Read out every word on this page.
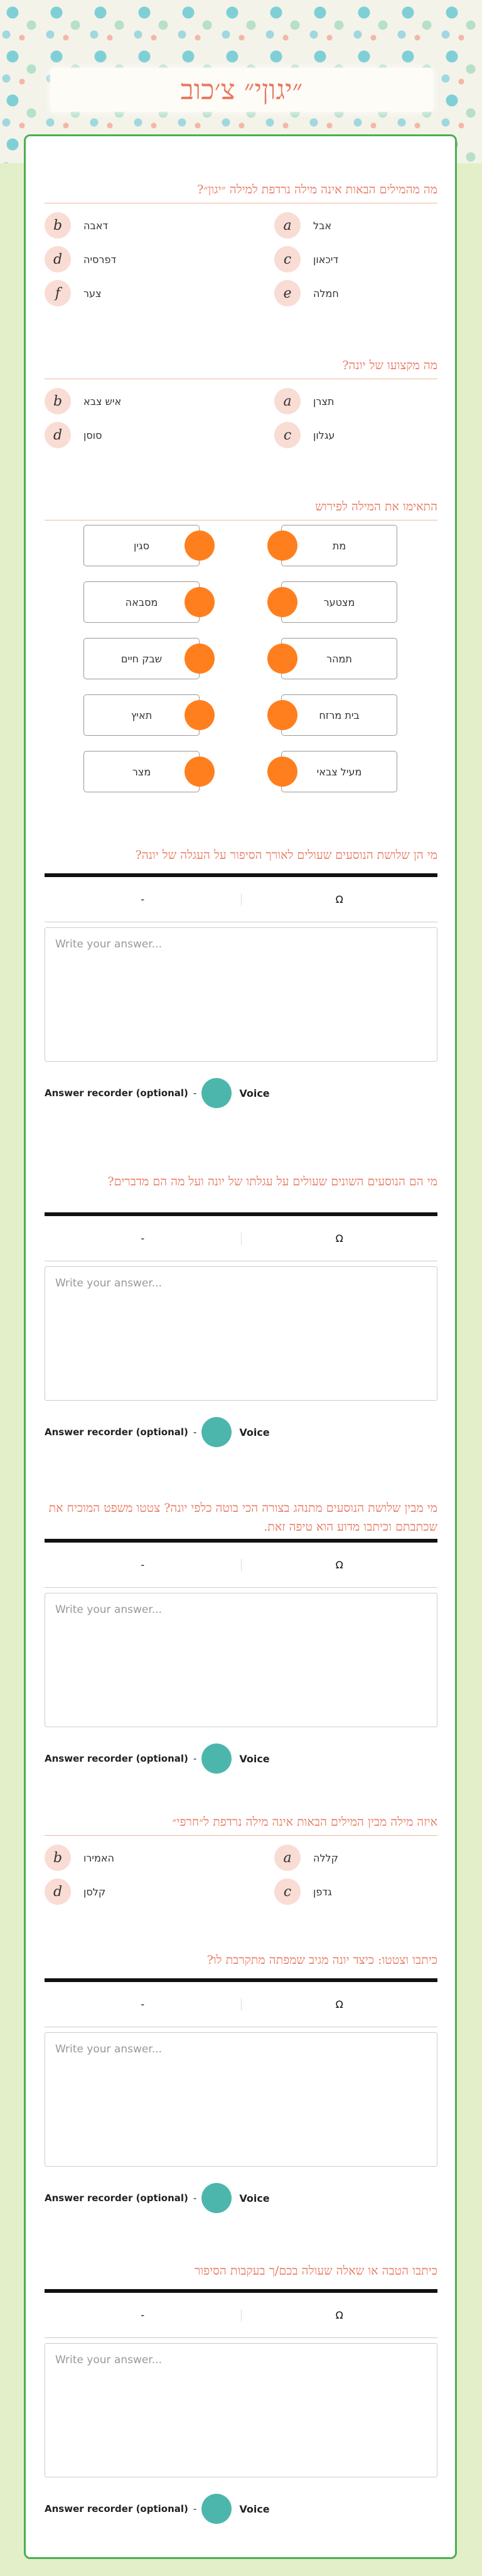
״יגוןי״ צ׳כוב
מה מהמילים הבאות אינה מילה נרדפת למילה ״יגון״?
a	אבל
b	דאבה
c	דיכאון
d	דפרסיה
e	חמלה
f	צער
מה מקצועו של יונה?
a	תצרן
b	איש צבא
c	עגלון
d	סוסן
התאימו את המילה לפירוש
סגין	מת
מסבאה	מצטער
שבק חיים	תמהר
תאיץ	בית מרזח
מצר	מעיל צבאי
מי הן שלושת הנוסעים שעולים לאורך הסיפור על העגלה של יונה?
-	Ω
Write your answer...
Answer recorder (optional) -	Voice
מי הם הנוסעים השונים שעולים על עגלתו של יונה ועל מה הם מדברים?
-	Ω
Write your answer...
Answer recorder (optional) -	Voice
מי מבין שלושת הנוסעים מתנהג בצורה הכי בוטה כלפי יונה? צטטו משפט המוכיח את שכתבתם וכיתבו מדוע הוא טיפה זאת.
-	Ω
Write your answer...
Answer recorder (optional) -	Voice
איזה מילה מבין המילים הבאות אינה מילה נרדפת ל״חרפי״
a	קללה
b	האמירו
c	גדפן
d	קלסן
כיתבו וצטטו: כיצד יונה מגיב שמפתה מתקרבת לו?
-	Ω
Write your answer...
Answer recorder (optional) -	Voice
כיתבו הטבה או שאלה שעולה בכם/ך בעקבות הסיפור
-	Ω
Write your answer...
Answer recorder (optional) -	Voice
